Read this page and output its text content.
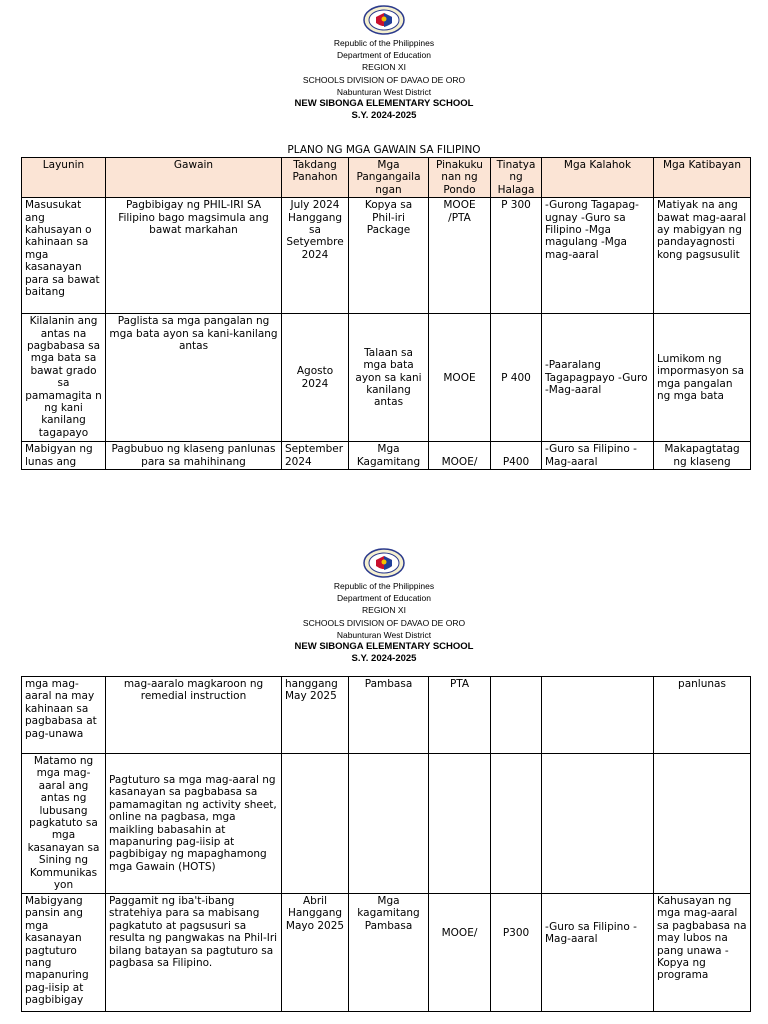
Republic of the Philippines
Department of Education
REGION XI
SCHOOLS DIVISION OF DAVAO DE ORO
Nabunturan West District
NEW SIBONGA ELEMENTARY SCHOOL
S.Y. 2024-2025
PLANO NG MGA GAWAIN SA FILIPINO
Layunin	Gawain	Takdang Panahon	Mga Pangangaila ngan	Pinakuku nan ng Pondo	Tinatya ng Halaga	Mga Kalahok	Mga Katibayan
Masusukat ang kahusayan o kahinaan sa mga kasanayan para sa bawat baitang	Pagbibigay ng PHIL-IRI SA Filipino bago magsimula ang bawat markahan	July 2024 Hanggang sa Setyembre 2024	Kopya sa Phil-iri Package	MOOE /PTA	P 300	-Gurong Tagapag-ugnay -Guro sa Filipino -Mga magulang -Mga mag-aaral	Matiyak na ang bawat mag-aaral ay mabigyan ng pandayagnosti kong pagsusulit
Kilalanin ang antas na pagbabasa sa mga bata sa bawat grado sa pamamagita n ng kani kanilang tagapayo	Paglista sa mga pangalan ng mga bata ayon sa kani-kanilang antas	Agosto 2024	Talaan sa mga bata ayon sa kani kanilang antas	MOOE	P 400	-Paaralang Tagapagpayo -Guro -Mag-aaral	Lumikom ng impormasyon sa mga pangalan ng mga bata
Mabigyan ng lunas ang	Pagbubuo ng klaseng panlunas para sa mahihinang	September 2024	Mga Kagamitang	MOOE/	P400	-Guro sa Filipino -Mag-aaral	Makapagtatag ng klaseng
Republic of the Philippines
Department of Education
REGION XI
SCHOOLS DIVISION OF DAVAO DE ORO
Nabunturan West District
NEW SIBONGA ELEMENTARY SCHOOL
S.Y. 2024-2025
mga mag-aaral na may kahinaan sa pagbabasa at pag-unawa	mag-aaralo magkaroon ng remedial instruction	hanggang May 2025	Pambasa	PTA			panlunas
Matamo ng mga mag-aaral ang antas ng lubusang pagkatuto sa mga kasanayan sa Sining ng Kommunikas yon	Pagtuturo sa mga mag-aaral ng kasanayan sa pagbabasa sa pamamagitan ng activity sheet, online na pagbasa, mga maikling babasahin at mapanuring pag-iisip at pagbibigay ng mapaghamong mga Gawain (HOTS)						
Mabigyang pansin ang mga kasanayan pagtuturo nang mapanuring pag-iisip at pagbibigay	Paggamit ng iba't-ibang stratehiya para sa mabisang pagkatuto at pagsusuri sa resulta ng pangwakas na Phil-Iri bilang batayan sa pagtuturo sa pagbasa sa Filipino.	Abril Hanggang Mayo 2025	Mga kagamitang Pambasa	MOOE/	P300	-Guro sa Filipino -Mag-aaral	Kahusayan ng mga mag-aaral sa pagbabasa na may lubos na pang unawa -Kopya ng programa
